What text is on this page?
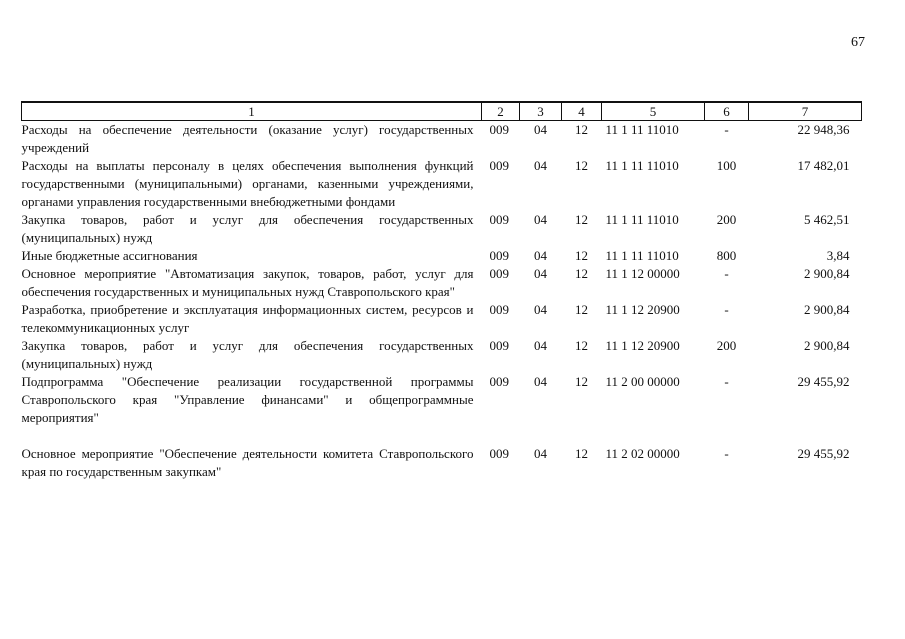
67
1	2	3	4	5	6	7
Расходы на обеспечение деятельности (оказание услуг) государственных учреждений	009	04	12	11 1 11 11010	-	22 948,36
Расходы на выплаты персоналу в целях обеспечения выполнения функций государственными (муниципальными) органами, казенными учреждениями, органами управления государственными внебюджетными фондами	009	04	12	11 1 11 11010	100	17 482,01
Закупка товаров, работ и услуг для обеспечения государственных (муниципальных) нужд	009	04	12	11 1 11 11010	200	5 462,51
Иные бюджетные ассигнования	009	04	12	11 1 11 11010	800	3,84
Основное мероприятие "Автоматизация закупок, товаров, работ, услуг для обеспечения государственных и муниципальных нужд Ставропольского края"	009	04	12	11 1 12 00000	-	2 900,84
Разработка, приобретение и эксплуатация информационных систем, ресурсов и телекоммуникационных услуг	009	04	12	11 1 12 20900	-	2 900,84
Закупка товаров, работ и услуг для обеспечения государственных (муниципальных) нужд	009	04	12	11 1 12 20900	200	2 900,84
Подпрограмма "Обеспечение реализации государственной программы Ставропольского края "Управление финансами" и общепрограммные мероприятия"	009	04	12	11 2 00 00000	-	29 455,92
Основное мероприятие "Обеспечение деятельности комитета Ставропольского края по государственным закупкам"	009	04	12	11 2 02 00000	-	29 455,92
